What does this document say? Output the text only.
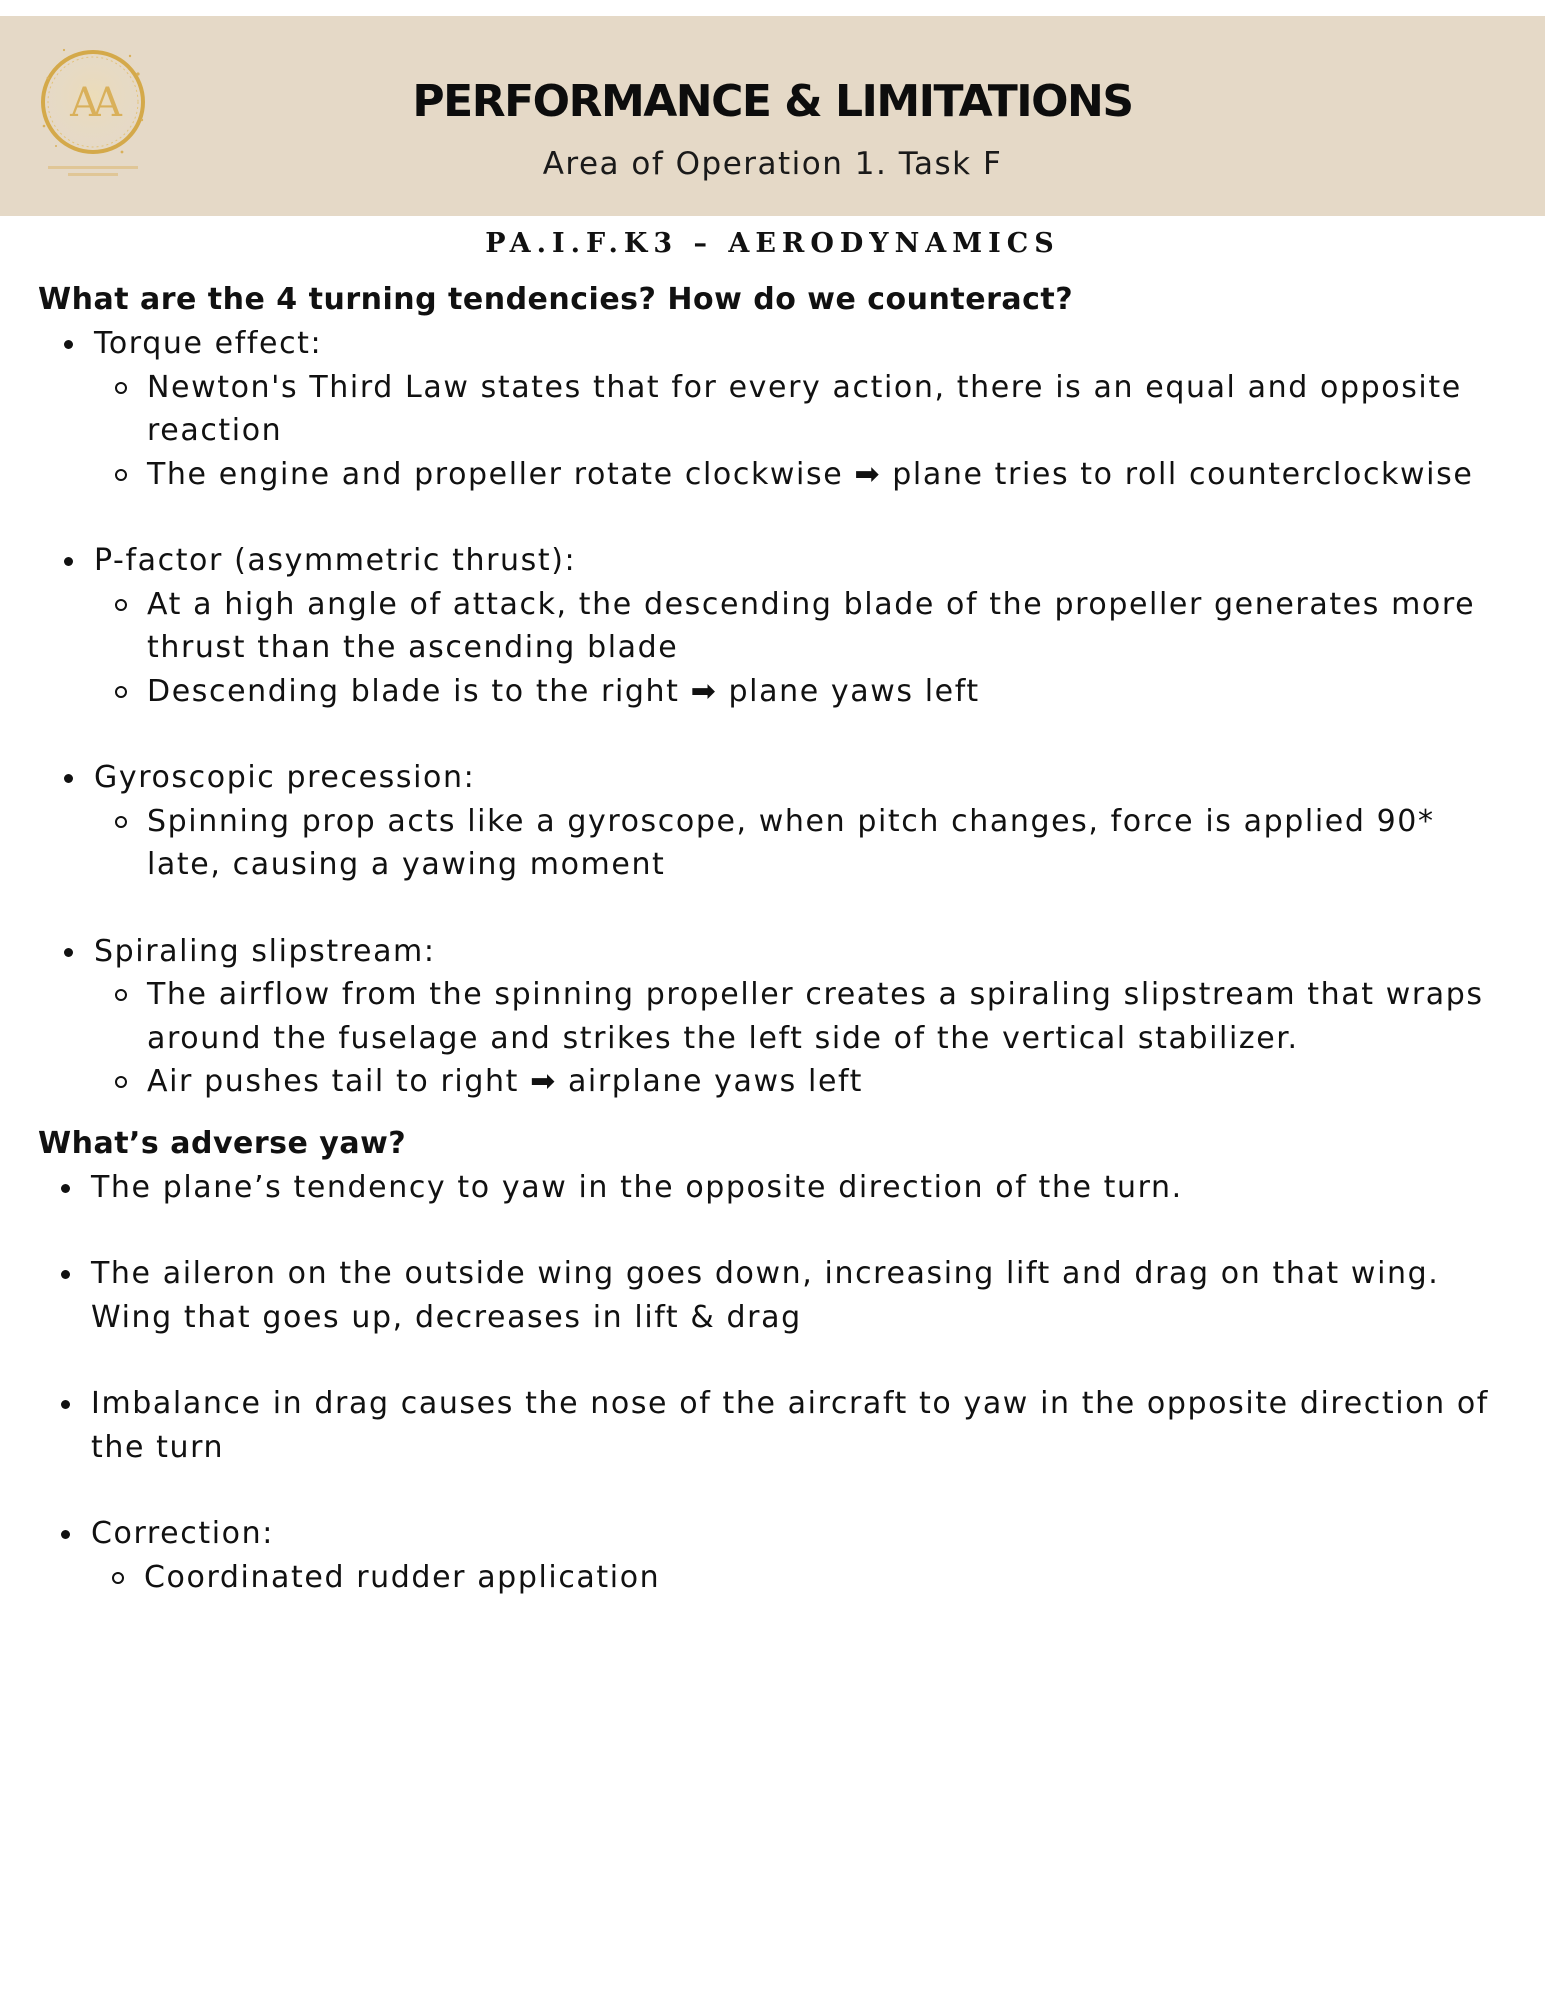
AA	PERFORMANCE & LIMITATIONS
Area of Operation 1. Task F
PA.I.F.K3 – AERODYNAMICS

What are the 4 turning tendencies? How do we counteract?

Torque effect:
Newton's Third Law states that for every action, there is an equal and opposite reaction
The engine and propeller rotate clockwise ➡ plane tries to roll counterclockwise
P-factor (asymmetric thrust):
At a high angle of attack, the descending blade of the propeller generates more thrust than the ascending blade
Descending blade is to the right ➡ plane yaws left
Gyroscopic precession:
Spinning prop acts like a gyroscope, when pitch changes, force is applied 90* late, causing a yawing moment
Spiraling slipstream:
The airflow from the spinning propeller creates a spiraling slipstream that wraps around the fuselage and strikes the left side of the vertical stabilizer.
Air pushes tail to right ➡ airplane yaws left

What’s adverse yaw?

The plane’s tendency to yaw in the opposite direction of the turn.
The aileron on the outside wing goes down, increasing lift and drag on that wing. Wing that goes up, decreases in lift & drag
Imbalance in drag causes the nose of the aircraft to yaw in the opposite direction of the turn
Correction:
Coordinated rudder application
